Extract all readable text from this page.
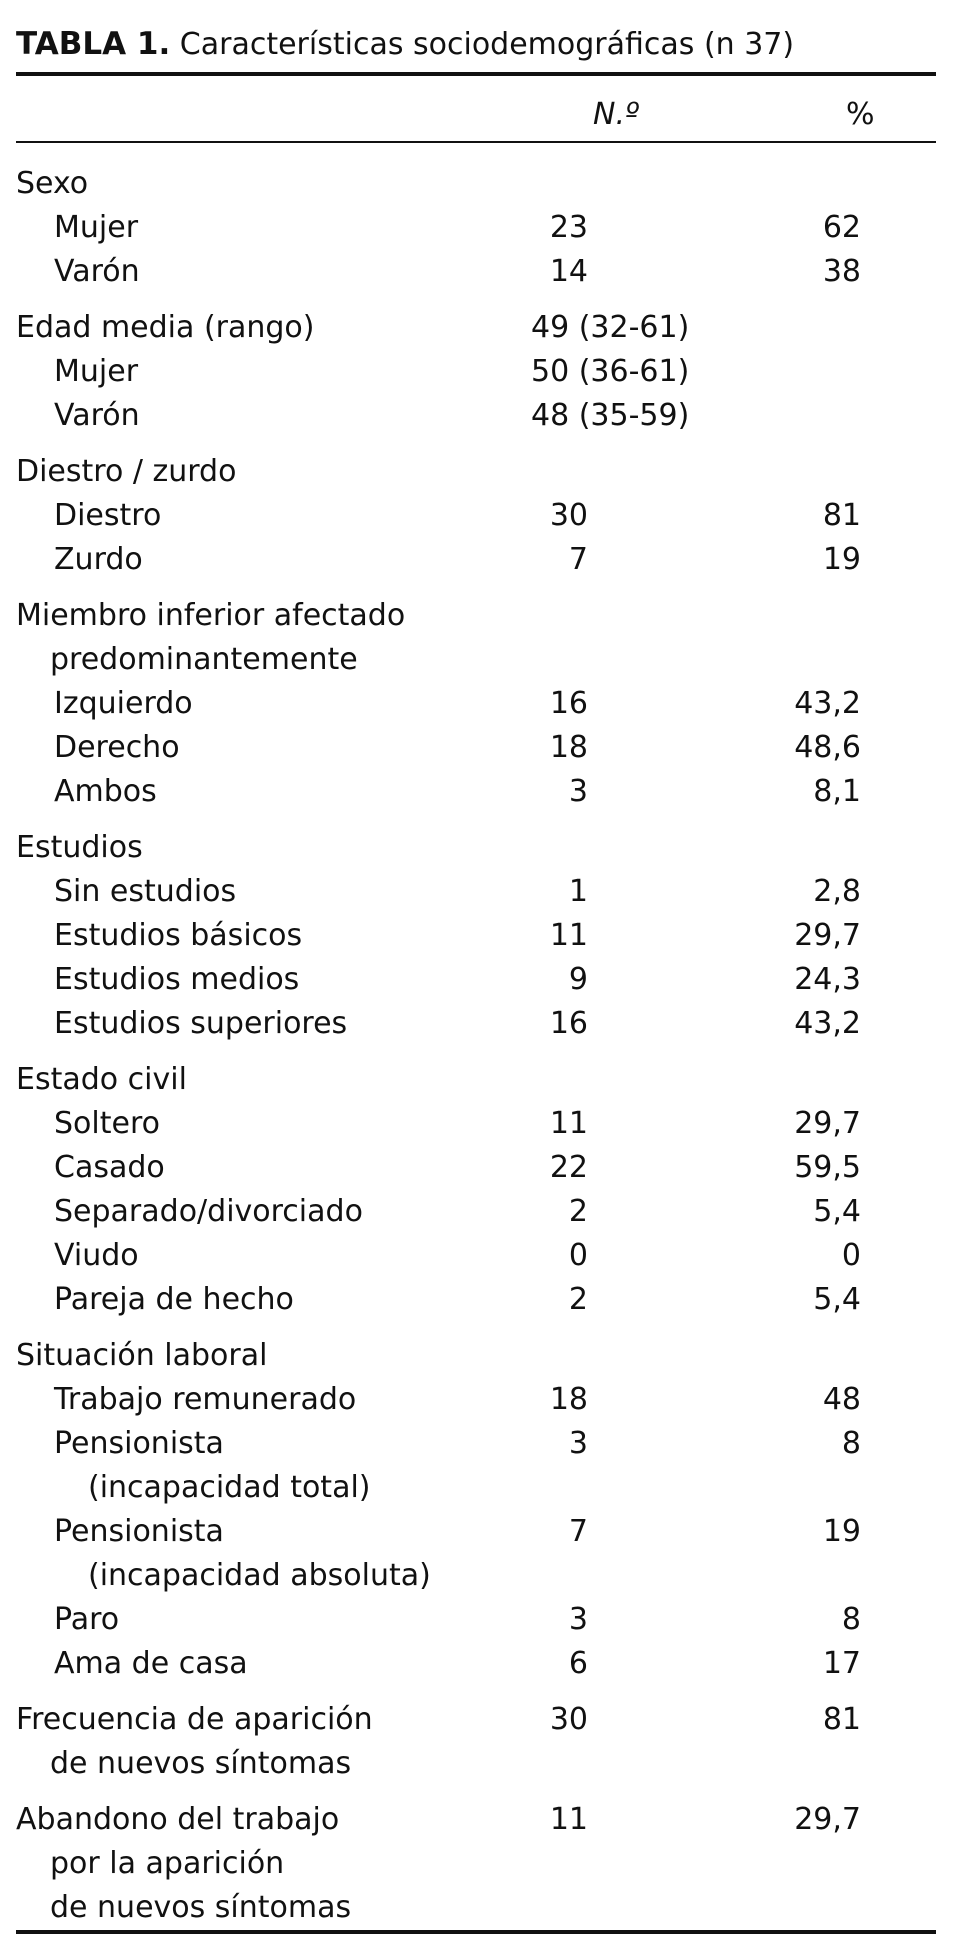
TABLA 1. Características sociodemográficas (n 37)
N.º	%
Sexo
Mujer	23	62
Varón	14	38
Edad media (rango)	49 (32-61)
Mujer	50 (36-61)
Varón	48 (35-59)
Diestro / zurdo
Diestro	30	81
Zurdo	7	19
Miembro inferior afectado
predominantemente
Izquierdo	16	43,2
Derecho	18	48,6
Ambos	3	8,1
Estudios
Sin estudios	1	2,8
Estudios básicos	11	29,7
Estudios medios	9	24,3
Estudios superiores	16	43,2
Estado civil
Soltero	11	29,7
Casado	22	59,5
Separado/divorciado	2	5,4
Viudo	0	0
Pareja de hecho	2	5,4
Situación laboral
Trabajo remunerado	18	48
Pensionista	3	8
(incapacidad total)
Pensionista	7	19
(incapacidad absoluta)
Paro	3	8
Ama de casa	6	17
Frecuencia de aparición	30	81
de nuevos síntomas
Abandono del trabajo	11	29,7
por la aparición
de nuevos síntomas
